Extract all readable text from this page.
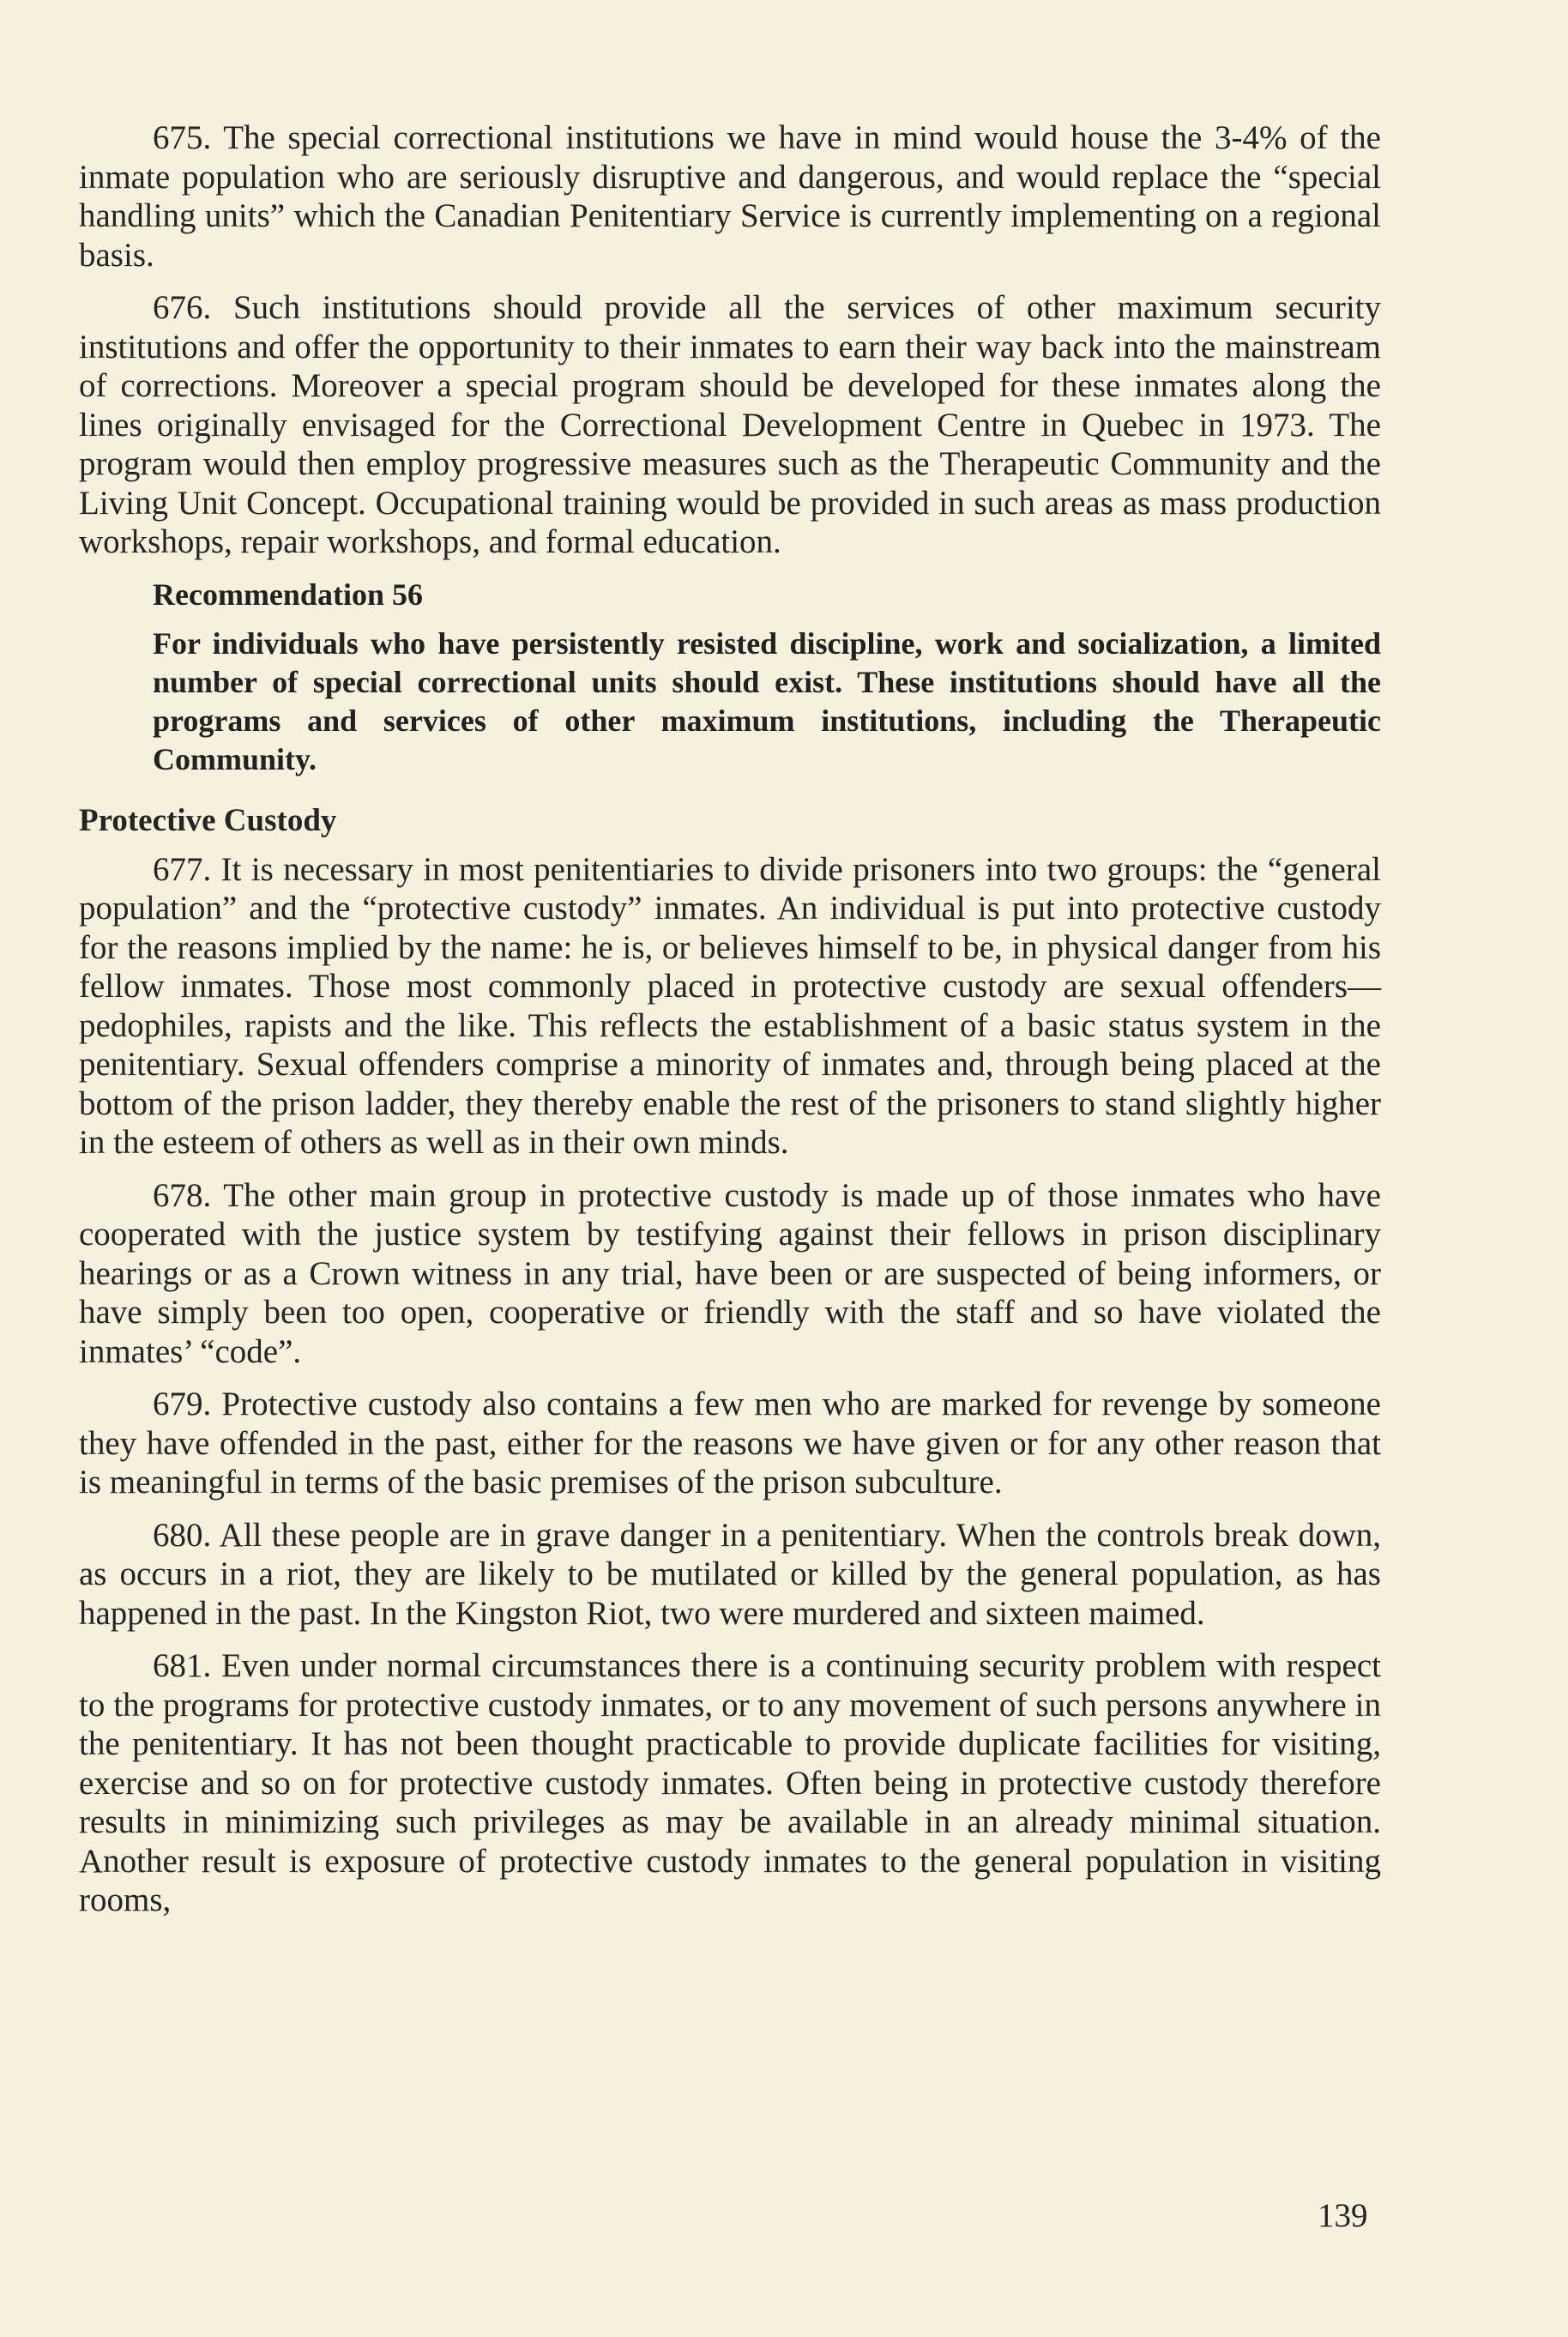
675. The special correctional institutions we have in mind would house the 3-4% of the inmate population who are seriously disruptive and dangerous, and would replace the “special handling units” which the Canadian Penitentiary Service is currently implementing on a regional basis.

676. Such institutions should provide all the services of other maximum security institutions and offer the opportunity to their inmates to earn their way back into the mainstream of corrections. Moreover a special program should be developed for these inmates along the lines originally envisaged for the Correctional Development Centre in Quebec in 1973. The program would then employ progressive measures such as the Therapeutic Community and the Living Unit Concept. Occupational training would be provided in such areas as mass production workshops, repair workshops, and formal education.

Recommendation 56
For individuals who have persistently resisted discipline, work and socialization, a limited number of special correctional units should exist. These institutions should have all the programs and services of other maximum institutions, including the Therapeutic Community.
Protective Custody

677. It is necessary in most penitentiaries to divide prisoners into two groups: the “general population” and the “protective custody” inmates. An individual is put into protective custody for the reasons implied by the name: he is, or believes himself to be, in physical danger from his fellow inmates. Those most commonly placed in protective custody are sexual offenders—pedophiles, rapists and the like. This reflects the establishment of a basic status system in the penitentiary. Sexual offenders comprise a minority of inmates and, through being placed at the bottom of the prison ladder, they thereby enable the rest of the prisoners to stand slightly higher in the esteem of others as well as in their own minds.

678. The other main group in protective custody is made up of those inmates who have cooperated with the justice system by testifying against their fellows in prison disciplinary hearings or as a Crown witness in any trial, have been or are suspected of being informers, or have simply been too open, cooperative or friendly with the staff and so have violated the inmates’ “code”.

679. Protective custody also contains a few men who are marked for revenge by someone they have offended in the past, either for the reasons we have given or for any other reason that is meaningful in terms of the basic premises of the prison subculture.

680. All these people are in grave danger in a penitentiary. When the controls break down, as occurs in a riot, they are likely to be mutilated or killed by the general population, as has happened in the past. In the Kingston Riot, two were murdered and sixteen maimed.

681. Even under normal circumstances there is a continuing security problem with respect to the programs for protective custody inmates, or to any movement of such persons anywhere in the penitentiary. It has not been thought practicable to provide duplicate facilities for visiting, exercise and so on for protective custody inmates. Often being in protective custody therefore results in minimizing such privileges as may be available in an already minimal situation. Another result is exposure of protective custody inmates to the general population in visiting rooms,

139
